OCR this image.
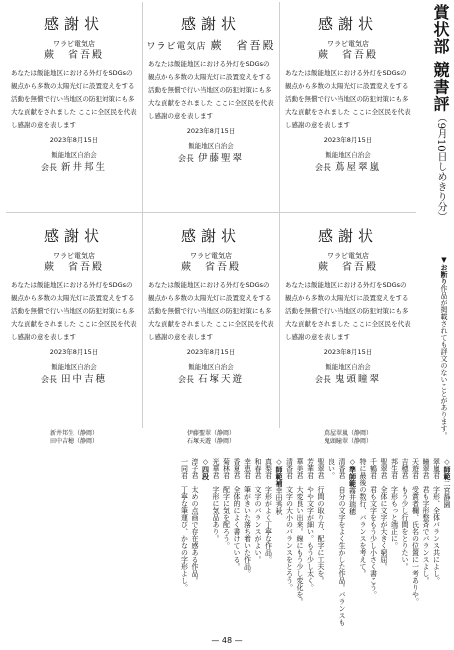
感謝状
ワラビ電気店
蕨　省吾殿
あなたは飯能地区における外灯をSDGsの観点から多数の太陽光灯に設置変えをする活動を無償で行い当地区の防犯対策にも多大な貢献をされました ここに全区民を代表し感謝の意を表します
2023年8月15日
飯能地区自治会
会長 新井邦生
感謝状
ワラビ電気店 蕨　省吾殿
あなたは飯能地区における外灯をSDGsの観点から多数の太陽光灯に設置変えをする活動を無償で行い当地区の防犯対策にも多大な貢献をされました ここに全区民を代表し感謝の意を表します
2023年8月15日
飯能地区自治会
会長 伊藤聖翠
感謝状
ワラビ電気店
蕨　省吾殿
あなたは飯能地区における外灯をSDGsの観点から多数の太陽光灯に設置変えをする活動を無償で行い当地区の防犯対策にも多大な貢献をされました ここに全区民を代表し感謝の意を表します
2023年8月15日
飯能地区自治会
会長 蔦屋翠嵐
感謝状
ワラビ電気店
蕨　省吾殿
あなたは飯能地区における外灯をSDGsの観点から多数の太陽光灯に設置変えをする活動を無償で行い当地区の防犯対策にも多大な貢献をされました ここに全区民を代表し感謝の意を表します
2023年8月15日
飯能地区自治会
会長 田中吉穂
感謝状
ワラビ電気店
蕨　省吾殿
あなたは飯能地区における外灯をSDGsの観点から多数の太陽光灯に設置変えをする活動を無償で行い当地区の防犯対策にも多大な貢献をされました ここに全区民を代表し感謝の意を表します
2023年8月15日
飯能地区自治会
会長 石塚天遊
感謝状
ワラビ電気店
蕨　省吾殿
あなたは飯能地区における外灯をSDGsの観点から多数の太陽光灯に設置変えをする活動を無償で行い当地区の防犯対策にも多大な貢献をされました ここに全区民を代表し感謝の意を表します
2023年8月15日
飯能地区自治会
会長 鬼頭瞳翠
新井邦生（静岡）
田中吉穂（静岡）
伊藤聖翠（静岡）
石塚天遊（静岡）
蔦屋翠嵐（静岡）
鬼頭瞳翠（静岡）
賞状部 競書評（9月10日しめきり分）
▼お断り作品が掲載されても評文のないことがあります。

◇師範二宮静園

翠嵐君　字形、全体バランス共によし。

瞳翠君　君も字形整斉でバランスよし。

天遊君　受賞者欄、氏名の位置に一考ありや。

吉穂君　もう少し行間をとりたい。

邦生君　字形もっと端正に。

聖翠君　全体に文字が大きく窮屈。

千鶴君　君も文字をもう少し小さく書こう。

特に最後の数行、バランスを考えて。

◇準師範霧井瑞穂

清香君　自分の文字をよく生かした作品。バランスも良い。

聖翠君　行間の取り方、配字に工夫を。

芳華君　やや文字が細い。もう少し太く。

華美君　大変良い出来。線にもう少し変化を。

清香君　文字の大小のバランスをとろう。

◇師範補幸田秀秋

真梨君　字形がよく丁寧な作品。

和春君　文字のバランスがよい。

幸恵君　筆がきいた落ち着いた作品。

香夏君　全体的によく書けている。

菊林君　配字に気を配ろう。

光華君　字形に気品あり。

◇四段

淳子君　太めの点画で存在感ある作品。

一同君　丁寧な筆運び、かなの字形よし。

— 48 —
